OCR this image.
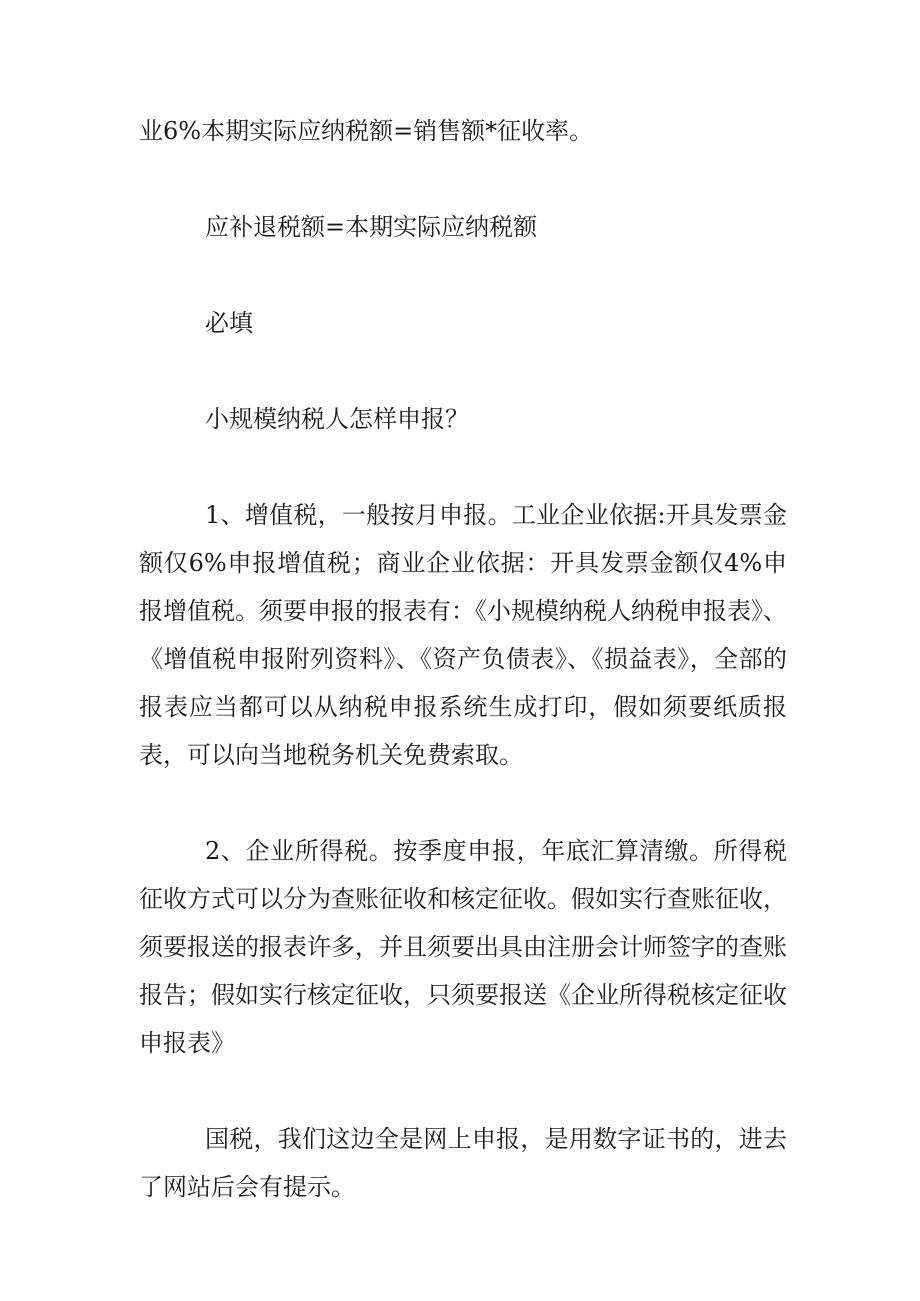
业6%本期实际应纳税额=销售额*征收率。

应补退税额=本期实际应纳税额

必填

小规模纳税人怎样申报？

1、增值税，一般按月申报。工业企业依据:开具发票金额仅6%申报增值税；商业企业依据：开具发票金额仅4%申报增值税。须要申报的报表有：《小规模纳税人纳税申报表》、《增值税申报附列资料》、《资产负债表》、《损益表》，全部的报表应当都可以从纳税申报系统生成打印，假如须要纸质报表，可以向当地税务机关免费索取。

2、企业所得税。按季度申报，年底汇算清缴。所得税征收方式可以分为查账征收和核定征收。假如实行查账征收，须要报送的报表许多，并且须要出具由注册会计师签字的查账报告；假如实行核定征收，只须要报送《企业所得税核定征收申报表》

国税，我们这边全是网上申报，是用数字证书的，进去了网站后会有提示。
